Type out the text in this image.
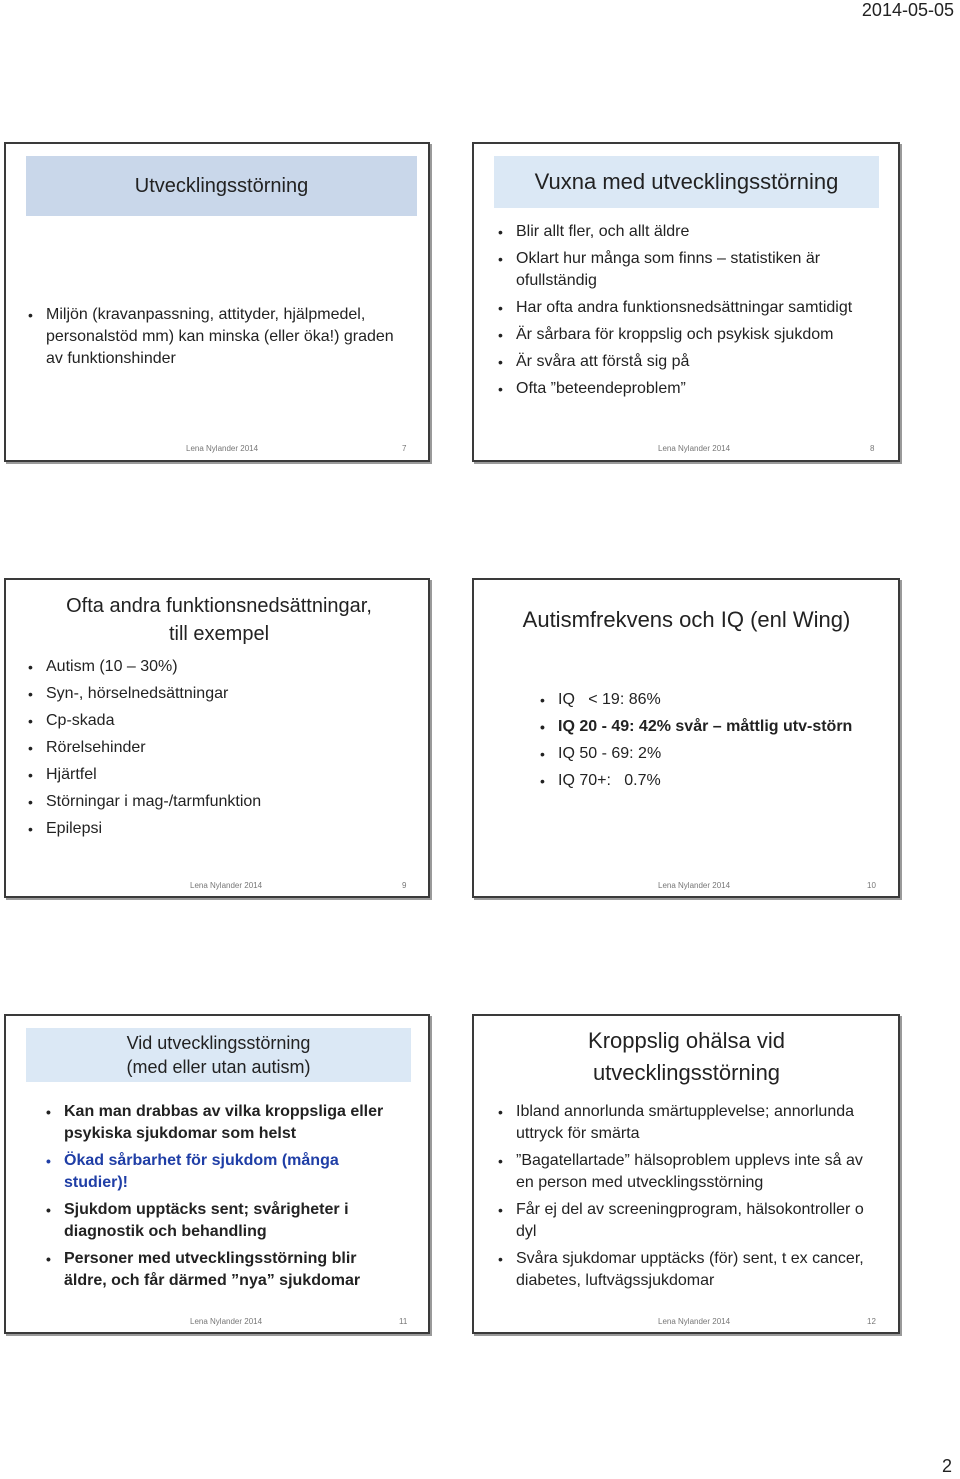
2014-05-05
Utvecklingsstörning
• Miljön (kravanpassning, attityder, hjälpmedel, personalstöd mm) kan minska (eller öka!) graden av funktionshinder
Lena Nylander 2014	7
Vuxna med utvecklingsstörning
• Blir allt fler, och allt äldre
• Oklart hur många som finns – statistiken är ofullständig
• Har ofta andra funktionsnedsättningar samtidigt
• Är sårbara för kroppslig och psykisk sjukdom
• Är svåra att förstå sig på
• Ofta ”beteendeproblem”
Lena Nylander 2014	8
Ofta andra funktionsnedsättningar,
till exempel
• Autism (10 – 30%)
• Syn-, hörselnedsättningar
• Cp-skada
• Rörelsehinder
• Hjärtfel
• Störningar i mag-/tarmfunktion
• Epilepsi
Lena Nylander 2014	9
Autismfrekvens och IQ (enl Wing)
• IQ   < 19: 86%
• IQ 20 - 49: 42% svår – måttlig utv-störn
• IQ 50 - 69: 2%
• IQ 70+:   0.7%
Lena Nylander 2014	10
Vid utvecklingsstörning
(med eller utan autism)
• Kan man drabbas av vilka kroppsliga eller psykiska sjukdomar som helst
• Ökad sårbarhet för sjukdom (många studier)!
• Sjukdom upptäcks sent; svårigheter i diagnostik och behandling
• Personer med utvecklingsstörning blir äldre, och får därmed ”nya” sjukdomar
Lena Nylander 2014	11
Kroppslig ohälsa vid
utvecklingsstörning
• Ibland annorlunda smärtupplevelse; annorlunda uttryck för smärta
• ”Bagatellartade” hälsoproblem upplevs inte så av en person med utvecklingsstörning
• Får ej del av screeningprogram, hälsokontroller o dyl
• Svåra sjukdomar upptäcks (för) sent, t ex cancer, diabetes, luftvägssjukdomar
Lena Nylander 2014	12
2
